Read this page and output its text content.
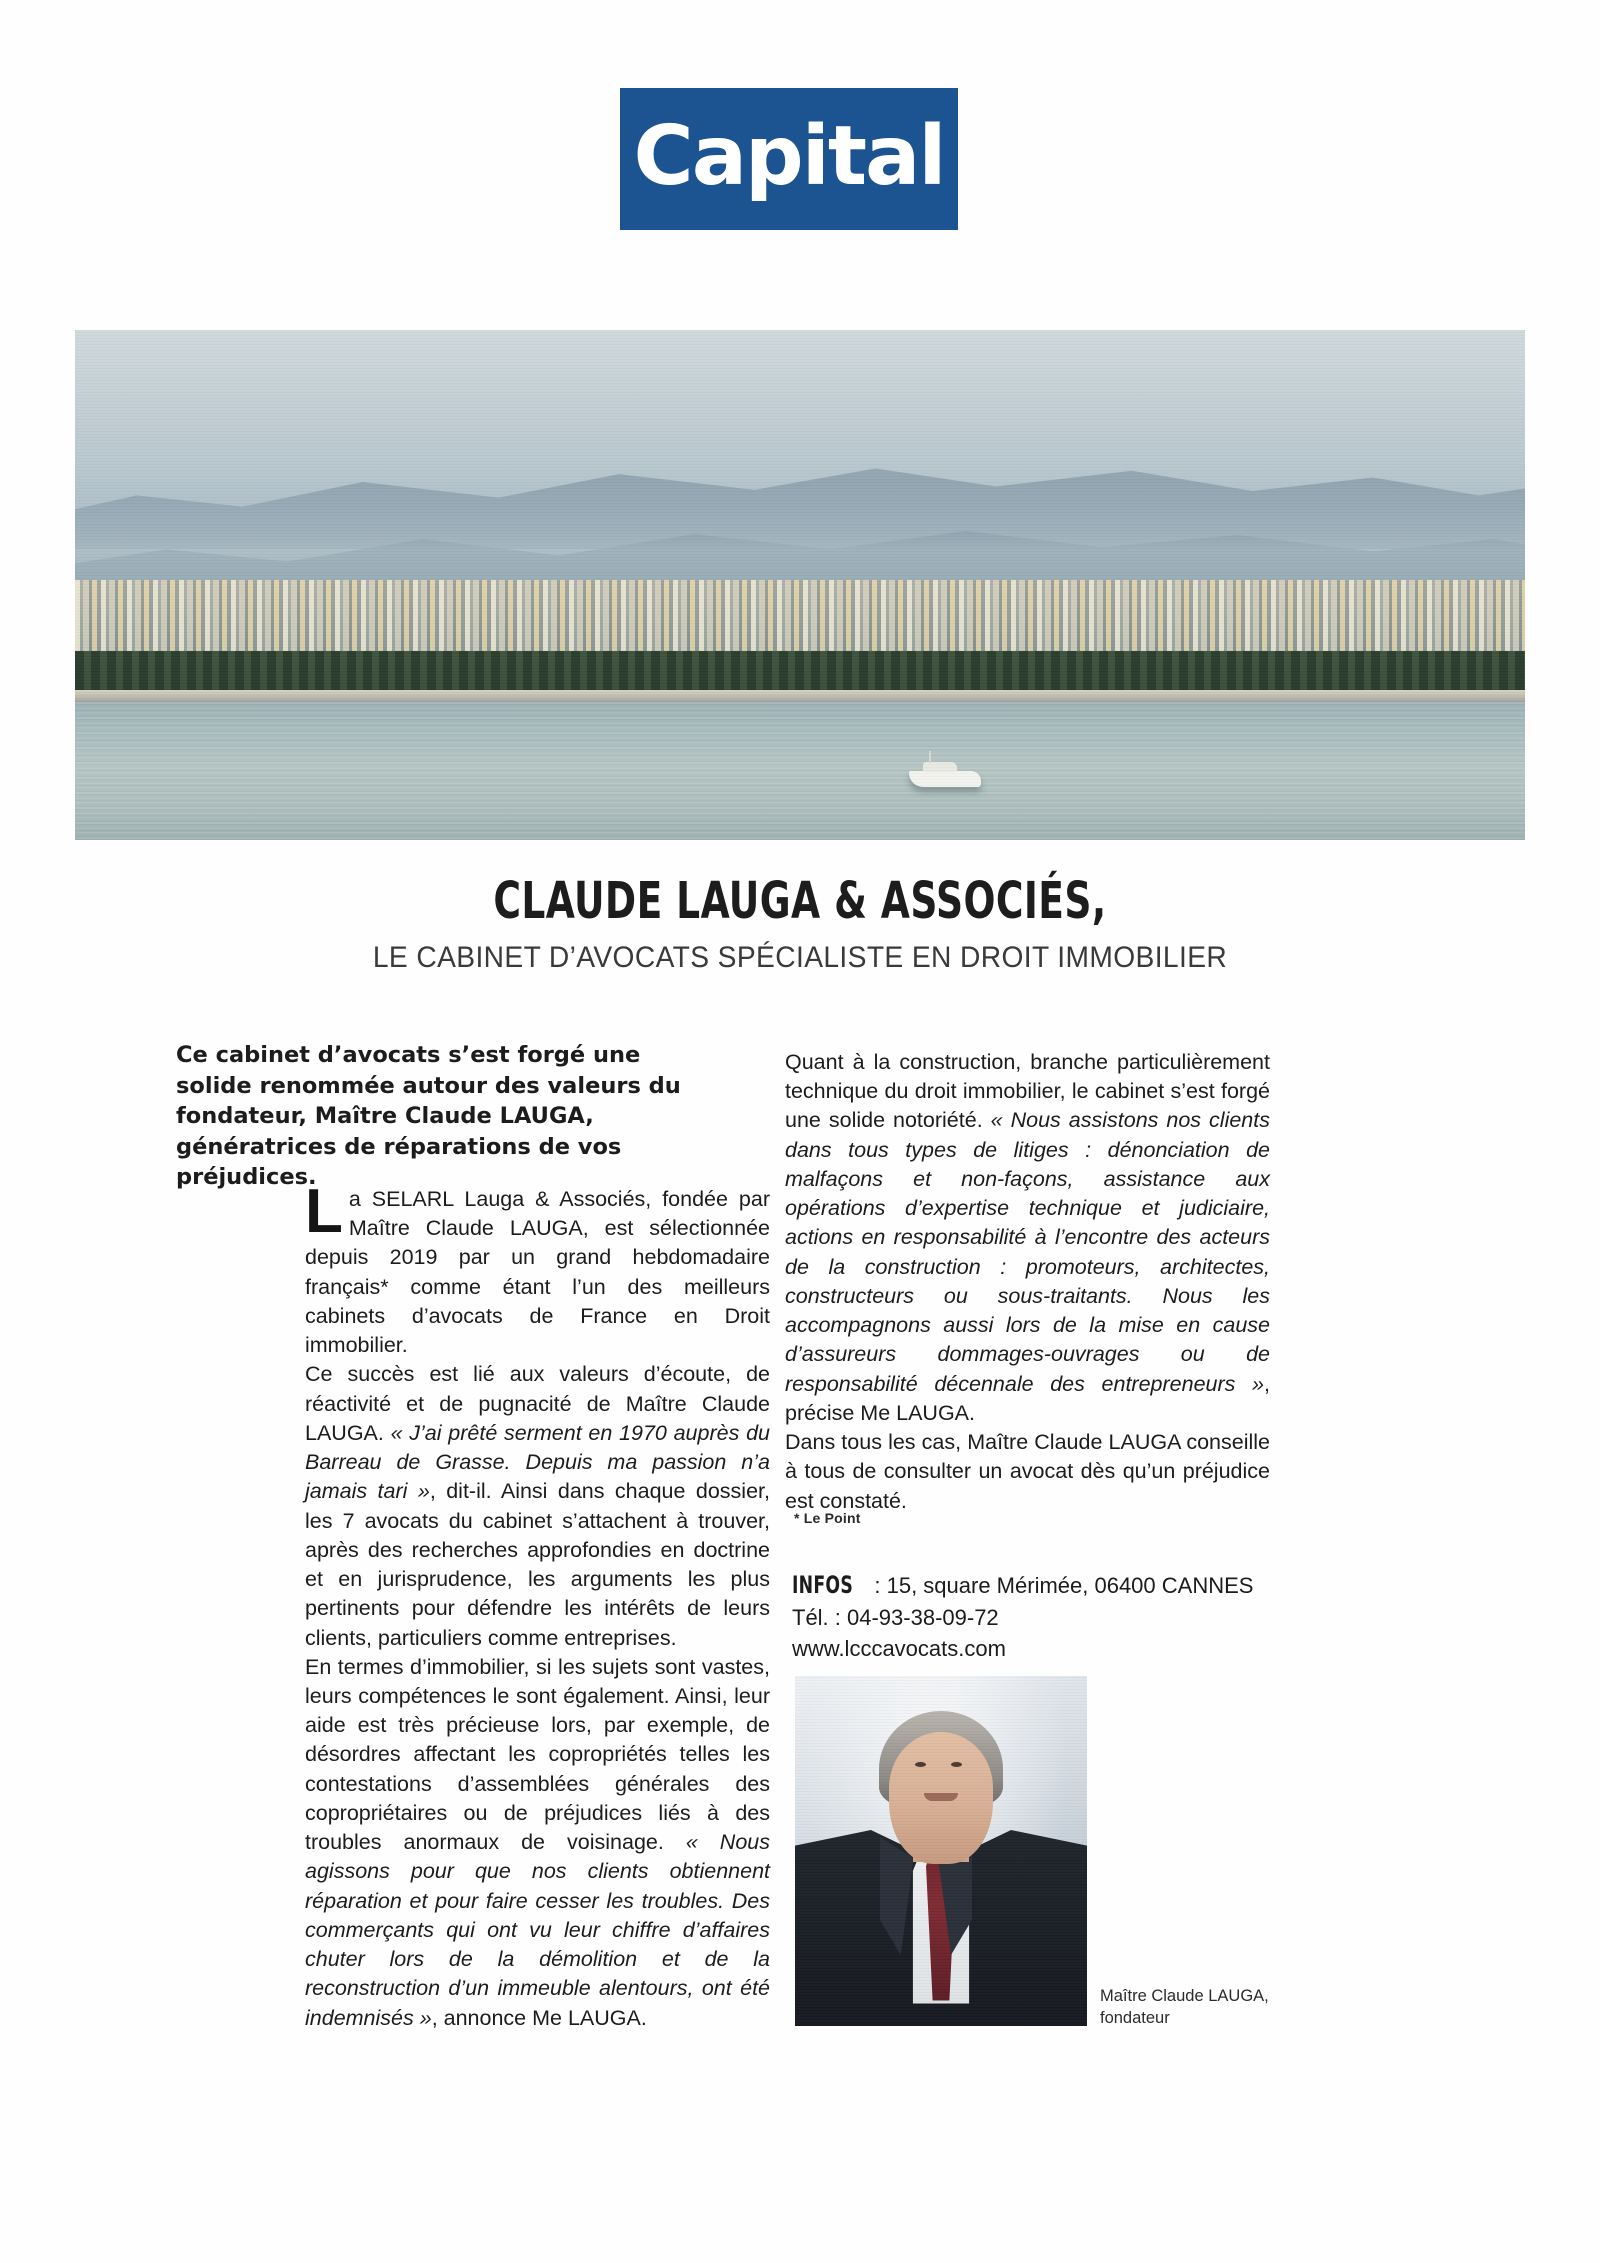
Capital
CLAUDE LAUGA & ASSOCIÉS,
LE CABINET D’AVOCATS SPÉCIALISTE EN DROIT IMMOBILIER
Ce cabinet d’avocats s’est forgé une solide renommée autour des valeurs du fondateur, Maître Claude LAUGA, génératrices de réparations de vos préjudices.

La SELARL Lauga & Associés, fondée par Maître Claude LAUGA, est sélectionnée depuis 2019 par un grand hebdomadaire français* comme étant l’un des meilleurs cabinets d’avocats de France en Droit immobilier.

Ce succès est lié aux valeurs d’écoute, de réactivité et de pugnacité de Maître Claude LAUGA. « J’ai prêté serment en 1970 auprès du Barreau de Grasse. Depuis ma passion n’a jamais tari », dit-il. Ainsi dans chaque dossier, les 7 avocats du cabinet s’attachent à trouver, après des recherches approfondies en doctrine et en jurisprudence, les arguments les plus pertinents pour défendre les intérêts de leurs clients, particuliers comme entreprises.

En termes d’immobilier, si les sujets sont vastes, leurs compétences le sont également. Ainsi, leur aide est très précieuse lors, par exemple, de désordres affectant les copropriétés telles les contestations d’assemblées générales des copropriétaires ou de préjudices liés à des troubles anormaux de voisinage. « Nous agissons pour que nos clients obtiennent réparation et pour faire cesser les troubles. Des commerçants qui ont vu leur chiffre d’affaires chuter lors de la démolition et de la reconstruction d’un immeuble alentours, ont été indemnisés », annonce Me LAUGA.

Quant à la construction, branche particulièrement technique du droit immobilier, le cabinet s’est forgé une solide notoriété. « Nous assistons nos clients dans tous types de litiges : dénonciation de malfaçons et non-façons, assistance aux opérations d’expertise technique et judiciaire, actions en responsabilité à l’encontre des acteurs de la construction : promoteurs, architectes, constructeurs ou sous-traitants. Nous les accompagnons aussi lors de la mise en cause d’assureurs dommages-ouvrages ou de responsabilité décennale des entrepreneurs », précise Me LAUGA.

Dans tous les cas, Maître Claude LAUGA conseille à tous de consulter un avocat dès qu’un préjudice est constaté.

* Le Point
INFOS : 15, square Mérimée, 06400 CANNES
Tél. : 04-93-38-09-72
www.lcccavocats.com
Maître Claude LAUGA,
fondateur
